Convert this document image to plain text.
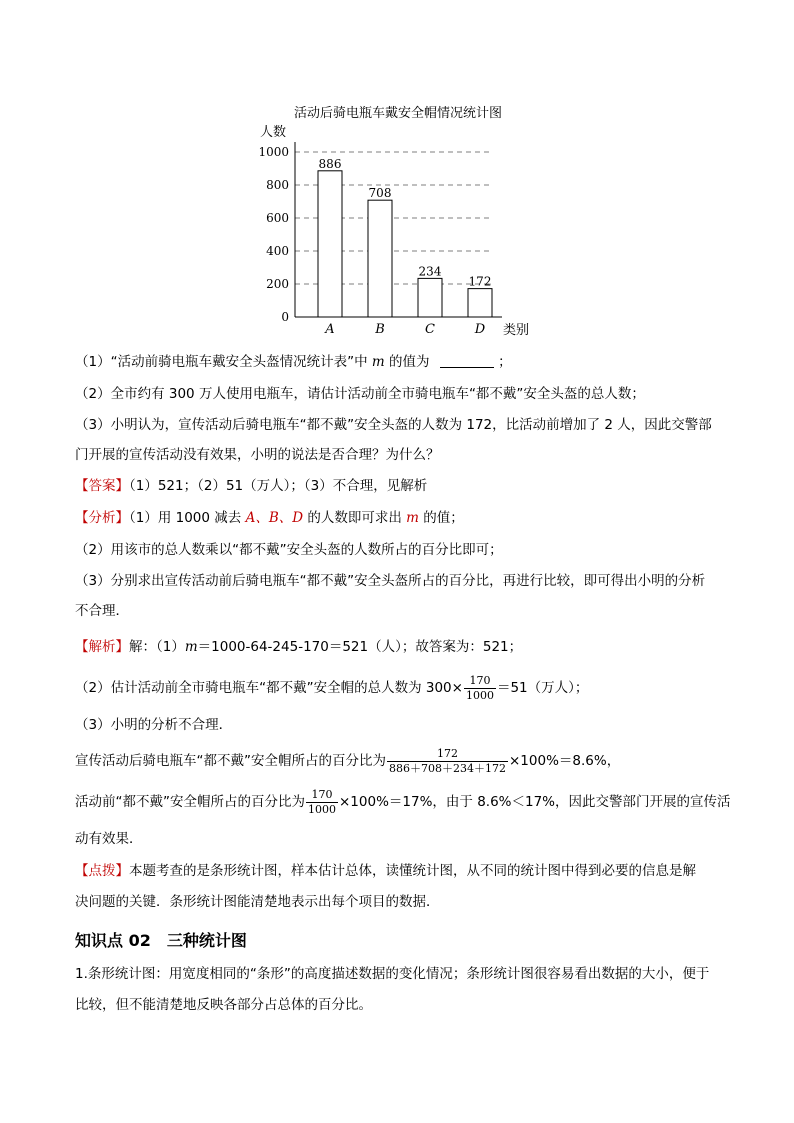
活动后骑电瓶车戴安全帽情况统计图
人数
0
200
400
600
800
1000
886
A
708
B
234
C
172
D 类别
（1）“活动前骑电瓶车戴安全头盔情况统计表”中 m 的值为	；
（2）全市约有 300 万人使用电瓶车，请估计活动前全市骑电瓶车“都不戴”安全头盔的总人数；
（3）小明认为，宣传活动后骑电瓶车“都不戴”安全头盔的人数为 172，比活动前增加了 2 人，因此交警部
门开展的宣传活动没有效果，小明的说法是否合理？为什么？
【答案】（1）521；（2）51（万人）；（3）不合理，见解析
【分析】（1）用 1000 减去 A、B、D 的人数即可求出 m 的值；
（2）用该市的总人数乘以“都不戴”安全头盔的人数所占的百分比即可；
（3）分别求出宣传活动前后骑电瓶车“都不戴”安全头盔所占的百分比，再进行比较，即可得出小明的分析
不合理．
【解析】解：（1）m＝1000-64-245-170＝521（人）；故答案为：521；
（2）估计活动前全市骑电瓶车“都不戴”安全帽的总人数为 $300\times \frac{170}{1000} =51$（万人）；
（3）小明的分析不合理．
宣传活动后骑电瓶车“都不戴”安全帽所占的百分比为 $\frac{172}{886+708+234+172} \times 100\%=8.6\%$，
活动前“都不戴”安全帽所占的百分比为 $\frac{170}{1000} \times 100\%=17\%$，由于 8.6%＜17%，因此交警部门开展的宣传活
动有效果．
【点拨】本题考查的是条形统计图，样本估计总体，读懂统计图，从不同的统计图中得到必要的信息是解
决问题的关键．条形统计图能清楚地表示出每个项目的数据．
知识点 02 三种统计图
1.条形统计图：用宽度相同的“条形”的高度描述数据的变化情况；条形统计图很容易看出数据的大小，便于
比较，但不能清楚地反映各部分占总体的百分比。
